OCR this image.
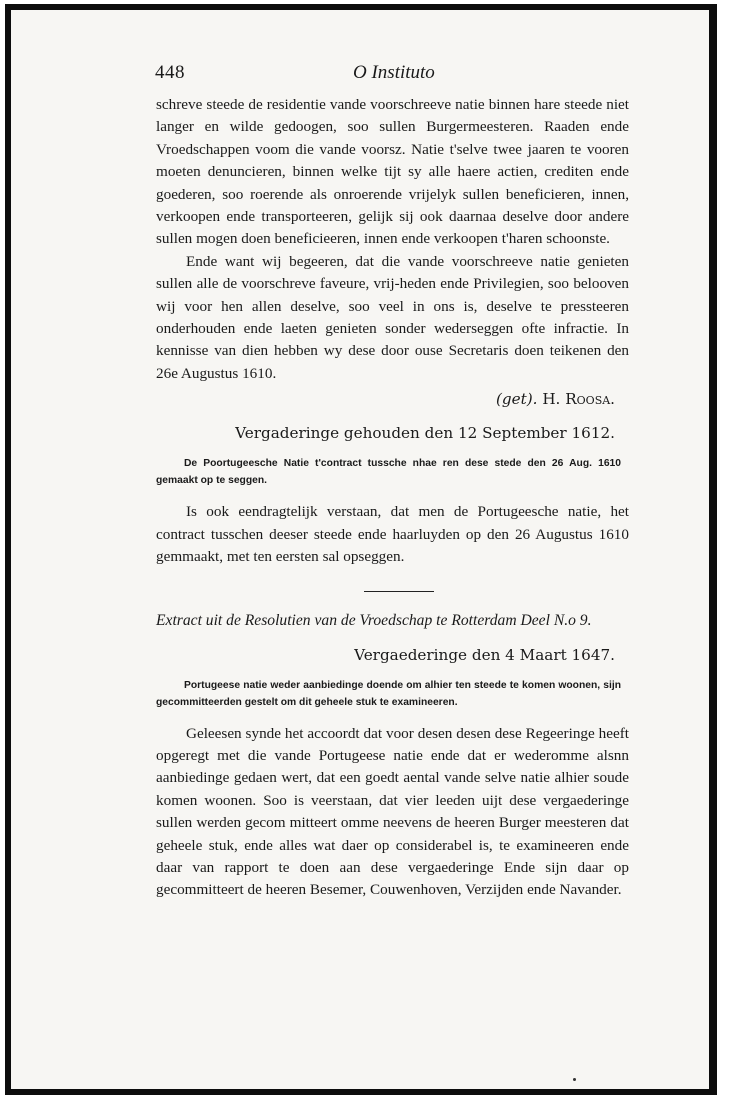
448	O Instituto

schreve steede de residentie vande voorschreeve natie binnen hare steede niet langer en wilde gedoogen, soo sullen Burgermeesteren. Raaden ende Vroedschappen voom die vande voorsz. Natie t'selve twee jaaren te vooren moeten denuncieren, binnen welke tijt sy alle haere actien, crediten ende goederen, soo roerende als onroerende vrijelyk sullen beneficieren, innen, verkoopen ende transporteeren, gelijk sij ook daarnaa deselve door andere sullen mogen doen beneficieeren, innen ende verkoopen t'haren schoonste.

Ende want wij begeeren, dat die vande voorschreeve natie genieten sullen alle de voorschreve faveure, vrij-heden ende Privilegien, soo belooven wij voor hen allen deselve, soo veel in ons is, deselve te pressteeren onderhouden ende laeten genieten sonder wederseggen ofte infractie. In kennisse van dien hebben wy dese door ouse Secretaris doen teikenen den 26e Augustus 1610.

(get). H. Roosa.
Vergaderinge gehouden den 12 September 1612.
De Poortugeesche Natie t'contract tussche nhae ren dese stede den 26 Aug. 1610 gemaakt op te seggen.

Is ook eendragtelijk verstaan, dat men de Portugeesche natie, het contract tusschen deeser steede ende haarluyden op den 26 Augustus 1610 gemmaakt, met ten eersten sal opseggen.

Extract uit de Resolutien van de Vroedschap te Rotterdam Deel N.o 9.
Vergaederinge den 4 Maart 1647.
Portugeese natie weder aanbiedinge doende om alhier ten steede te komen woonen, sijn gecommitteerden gestelt om dit geheele stuk te examineeren.

Geleesen synde het accoordt dat voor desen desen dese Regeeringe heeft opgeregt met die vande Portugeese natie ende dat er wederomme alsnn aanbiedinge gedaen wert, dat een goedt aental vande selve natie alhier soude komen woonen. Soo is veerstaan, dat vier leeden uijt dese vergaederinge sullen werden gecom mitteert omme neevens de heeren Burger meesteren dat geheele stuk, ende alles wat daer op considerabel is, te examineeren ende daar van rapport te doen aan dese vergaederinge Ende sijn daar op gecommitteert de heeren Besemer, Couwenhoven, Verzijden ende Navander.
